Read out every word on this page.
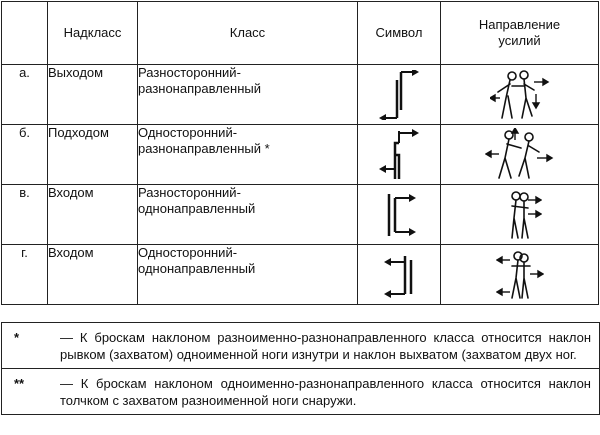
	Надкласс	Класс	Символ	Направление усилий
а.	Выходом	Разносторонний-
разнонаправленный

б.	Подходом	Односторонний-
разнонаправленный *

в.	Входом	Разносторонний-
однонаправленный

г.	Входом	Односторонний-
однонаправленный

*	— К броскам наклоном разноименно-разнонаправленного класса относится наклон рывком (захватом) одноименной ноги изнутри и наклон выхватом (захватом двух ног.
**	— К броскам наклоном одноименно-разнонаправленного класса относится наклон толчком с захватом разноименной ноги снаружи.
